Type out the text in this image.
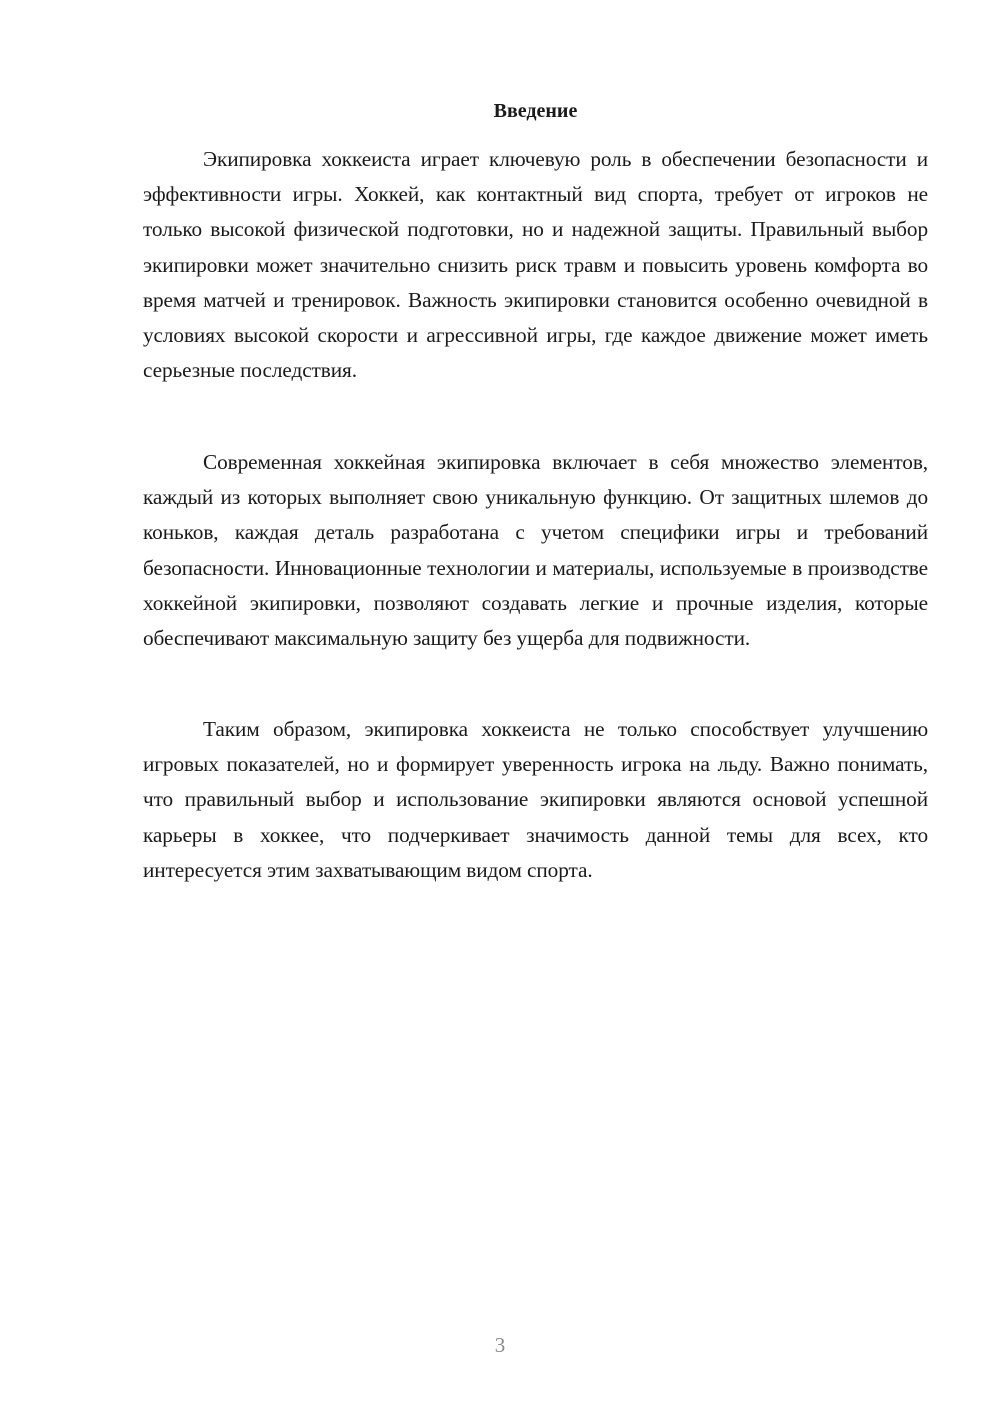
Введение

Экипировка хоккеиста играет ключевую роль в обеспечении безопасности и эффективности игры. Хоккей, как контактный вид спорта, требует от игроков не только высокой физической подготовки, но и надежной защиты. Правильный выбор экипировки может значительно снизить риск травм и повысить уровень комфорта во время матчей и тренировок. Важность экипировки становится особенно очевидной в условиях высокой скорости и агрессивной игры, где каждое движение может иметь серьезные последствия.

Современная хоккейная экипировка включает в себя множество элементов, каждый из которых выполняет свою уникальную функцию. От защитных шлемов до коньков, каждая деталь разработана с учетом специфики игры и требований безопасности. Инновационные технологии и материалы, используемые в производстве хоккейной экипировки, позволяют создавать легкие и прочные изделия, которые обеспечивают максимальную защиту без ущерба для подвижности.

Таким образом, экипировка хоккеиста не только способствует улучшению игровых показателей, но и формирует уверенность игрока на льду. Важно понимать, что правильный выбор и использование экипировки являются основой успешной карьеры в хоккее, что подчеркивает значимость данной темы для всех, кто интересуется этим захватывающим видом спорта.

3
